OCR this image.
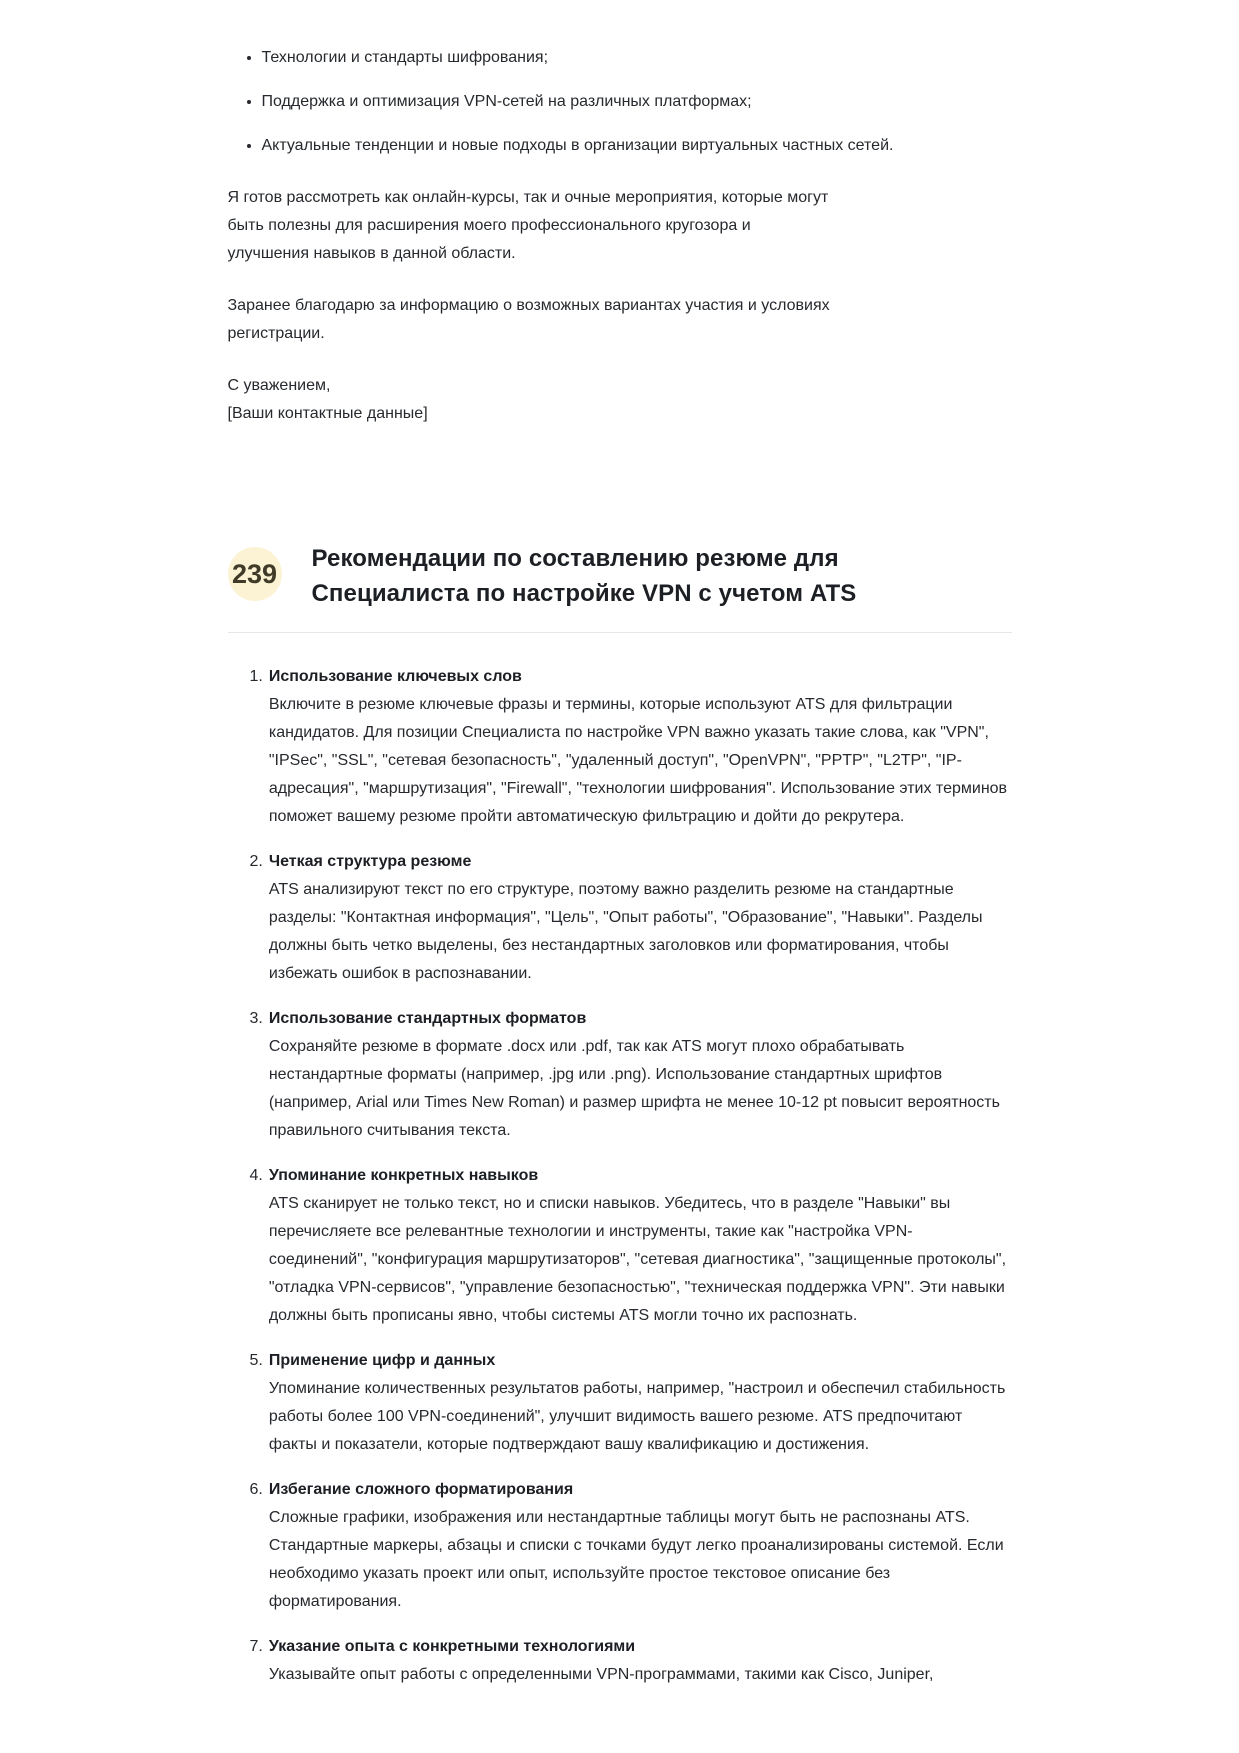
• Технологии и стандарты шифрования;
• Поддержка и оптимизация VPN-сетей на различных платформах;
• Актуальные тенденции и новые подходы в организации виртуальных частных сетей.

Я готов рассмотреть как онлайн-курсы, так и очные мероприятия, которые могут быть полезны для расширения моего профессионального кругозора и улучшения навыков в данной области.

Заранее благодарю за информацию о возможных вариантах участия и условиях регистрации.

С уважением,
[Ваши контактные данные]

239 Рекомендации по составлению резюме для Специалиста по настройке VPN с учетом ATS
1. Использование ключевых слов
Включите в резюме ключевые фразы и термины, которые используют ATS для фильтрации кандидатов. Для позиции Специалиста по настройке VPN важно указать такие слова, как "VPN", "IPSec", "SSL", "сетевая безопасность", "удаленный доступ", "OpenVPN", "PPTP", "L2TP", "IP-адресация", "маршрутизация", "Firewall", "технологии шифрования". Использование этих терминов поможет вашему резюме пройти автоматическую фильтрацию и дойти до рекрутера.
2. Четкая структура резюме
ATS анализируют текст по его структуре, поэтому важно разделить резюме на стандартные разделы: "Контактная информация", "Цель", "Опыт работы", "Образование", "Навыки". Разделы должны быть четко выделены, без нестандартных заголовков или форматирования, чтобы избежать ошибок в распознавании.
3. Использование стандартных форматов
Сохраняйте резюме в формате .docx или .pdf, так как ATS могут плохо обрабатывать нестандартные форматы (например, .jpg или .png). Использование стандартных шрифтов (например, Arial или Times New Roman) и размер шрифта не менее 10-12 pt повысит вероятность правильного считывания текста.
4. Упоминание конкретных навыков
ATS сканирует не только текст, но и списки навыков. Убедитесь, что в разделе "Навыки" вы перечисляете все релевантные технологии и инструменты, такие как "настройка VPN-соединений", "конфигурация маршрутизаторов", "сетевая диагностика", "защищенные протоколы", "отладка VPN-сервисов", "управление безопасностью", "техническая поддержка VPN". Эти навыки должны быть прописаны явно, чтобы системы ATS могли точно их распознать.
5. Применение цифр и данных
Упоминание количественных результатов работы, например, "настроил и обеспечил стабильность работы более 100 VPN-соединений", улучшит видимость вашего резюме. ATS предпочитают факты и показатели, которые подтверждают вашу квалификацию и достижения.
6. Избегание сложного форматирования
Сложные графики, изображения или нестандартные таблицы могут быть не распознаны ATS. Стандартные маркеры, абзацы и списки с точками будут легко проанализированы системой. Если необходимо указать проект или опыт, используйте простое текстовое описание без форматирования.
7. Указание опыта с конкретными технологиями
Указывайте опыт работы с определенными VPN-программами, такими как Cisco, Juniper,
